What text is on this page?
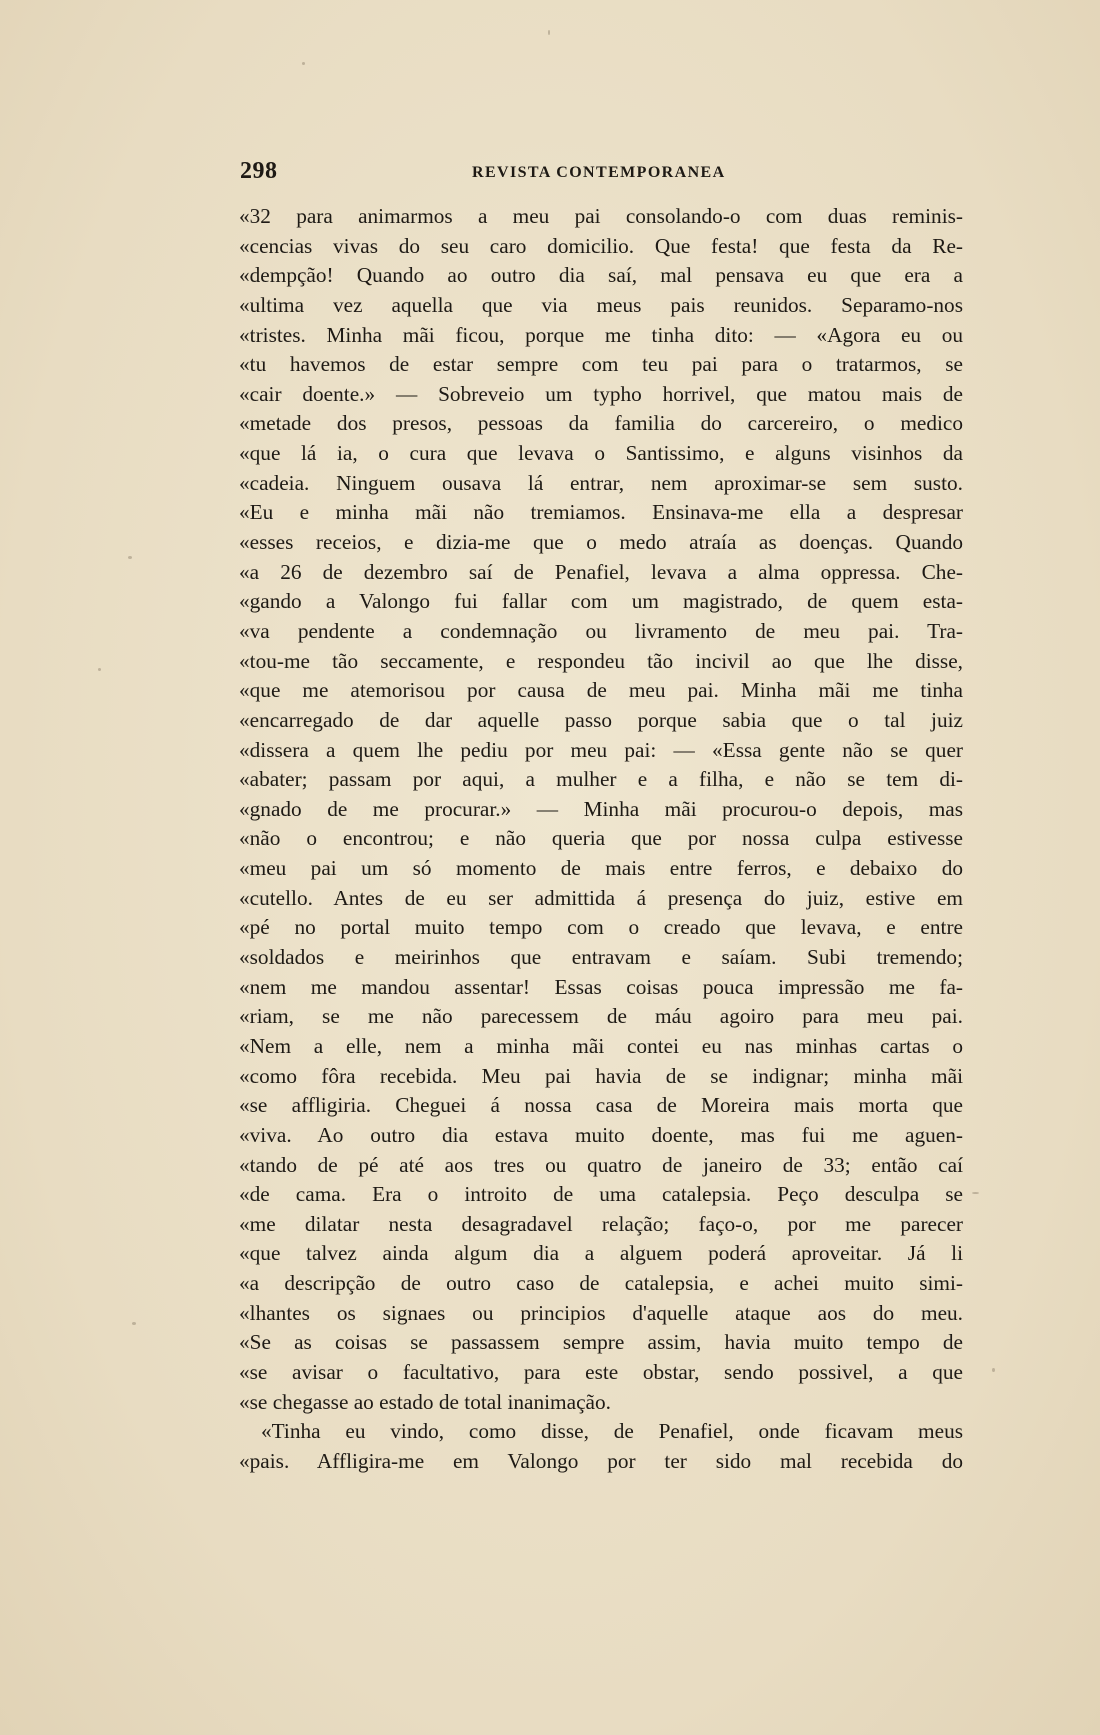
298	REVISTA CONTEMPORANEA
«32 para animarmos a meu pai consolando-o com duas reminis-
«cencias vivas do seu caro domicilio. Que festa! que festa da Re-
«dempção! Quando ao outro dia saí, mal pensava eu que era a
«ultima vez aquella que via meus pais reunidos. Separamo-nos
«tristes. Minha mãi ficou, porque me tinha dito: — «Agora eu ou
«tu havemos de estar sempre com teu pai para o tratarmos, se
«cair doente.» — Sobreveio um typho horrivel, que matou mais de
«metade dos presos, pessoas da familia do carcereiro, o medico
«que lá ia, o cura que levava o Santissimo, e alguns visinhos da
«cadeia. Ninguem ousava lá entrar, nem aproximar-se sem susto.
«Eu e minha mãi não tremiamos. Ensinava-me ella a despresar
«esses receios, e dizia-me que o medo atraía as doenças. Quando
«a 26 de dezembro saí de Penafiel, levava a alma oppressa. Che-
«gando a Valongo fui fallar com um magistrado, de quem esta-
«va pendente a condemnação ou livramento de meu pai. Tra-
«tou-me tão seccamente, e respondeu tão incivil ao que lhe disse,
«que me atemorisou por causa de meu pai. Minha mãi me tinha
«encarregado de dar aquelle passo porque sabia que o tal juiz
«dissera a quem lhe pediu por meu pai: — «Essa gente não se quer
«abater; passam por aqui, a mulher e a filha, e não se tem di-
«gnado de me procurar.» — Minha mãi procurou-o depois, mas
«não o encontrou; e não queria que por nossa culpa estivesse
«meu pai um só momento de mais entre ferros, e debaixo do
«cutello. Antes de eu ser admittida á presença do juiz, estive em
«pé no portal muito tempo com o creado que levava, e entre
«soldados e meirinhos que entravam e saíam. Subi tremendo;
«nem me mandou assentar! Essas coisas pouca impressão me fa-
«riam, se me não parecessem de máu agoiro para meu pai.
«Nem a elle, nem a minha mãi contei eu nas minhas cartas o
«como fôra recebida. Meu pai havia de se indignar; minha mãi
«se affligiria. Cheguei á nossa casa de Moreira mais morta que
«viva. Ao outro dia estava muito doente, mas fui me aguen-
«tando de pé até aos tres ou quatro de janeiro de 33; então caí
«de cama. Era o introito de uma catalepsia. Peço desculpa se
«me dilatar nesta desagradavel relação; faço-o, por me parecer
«que talvez ainda algum dia a alguem poderá aproveitar. Já li
«a descripção de outro caso de catalepsia, e achei muito simi-
«lhantes os signaes ou principios d'aquelle ataque aos do meu.
«Se as coisas se passassem sempre assim, havia muito tempo de
«se avisar o facultativo, para este obstar, sendo possivel, a que
«se chegasse ao estado de total inanimação.
«Tinha eu vindo, como disse, de Penafiel, onde ficavam meus
«pais. Affligira-me em Valongo por ter sido mal recebida do
